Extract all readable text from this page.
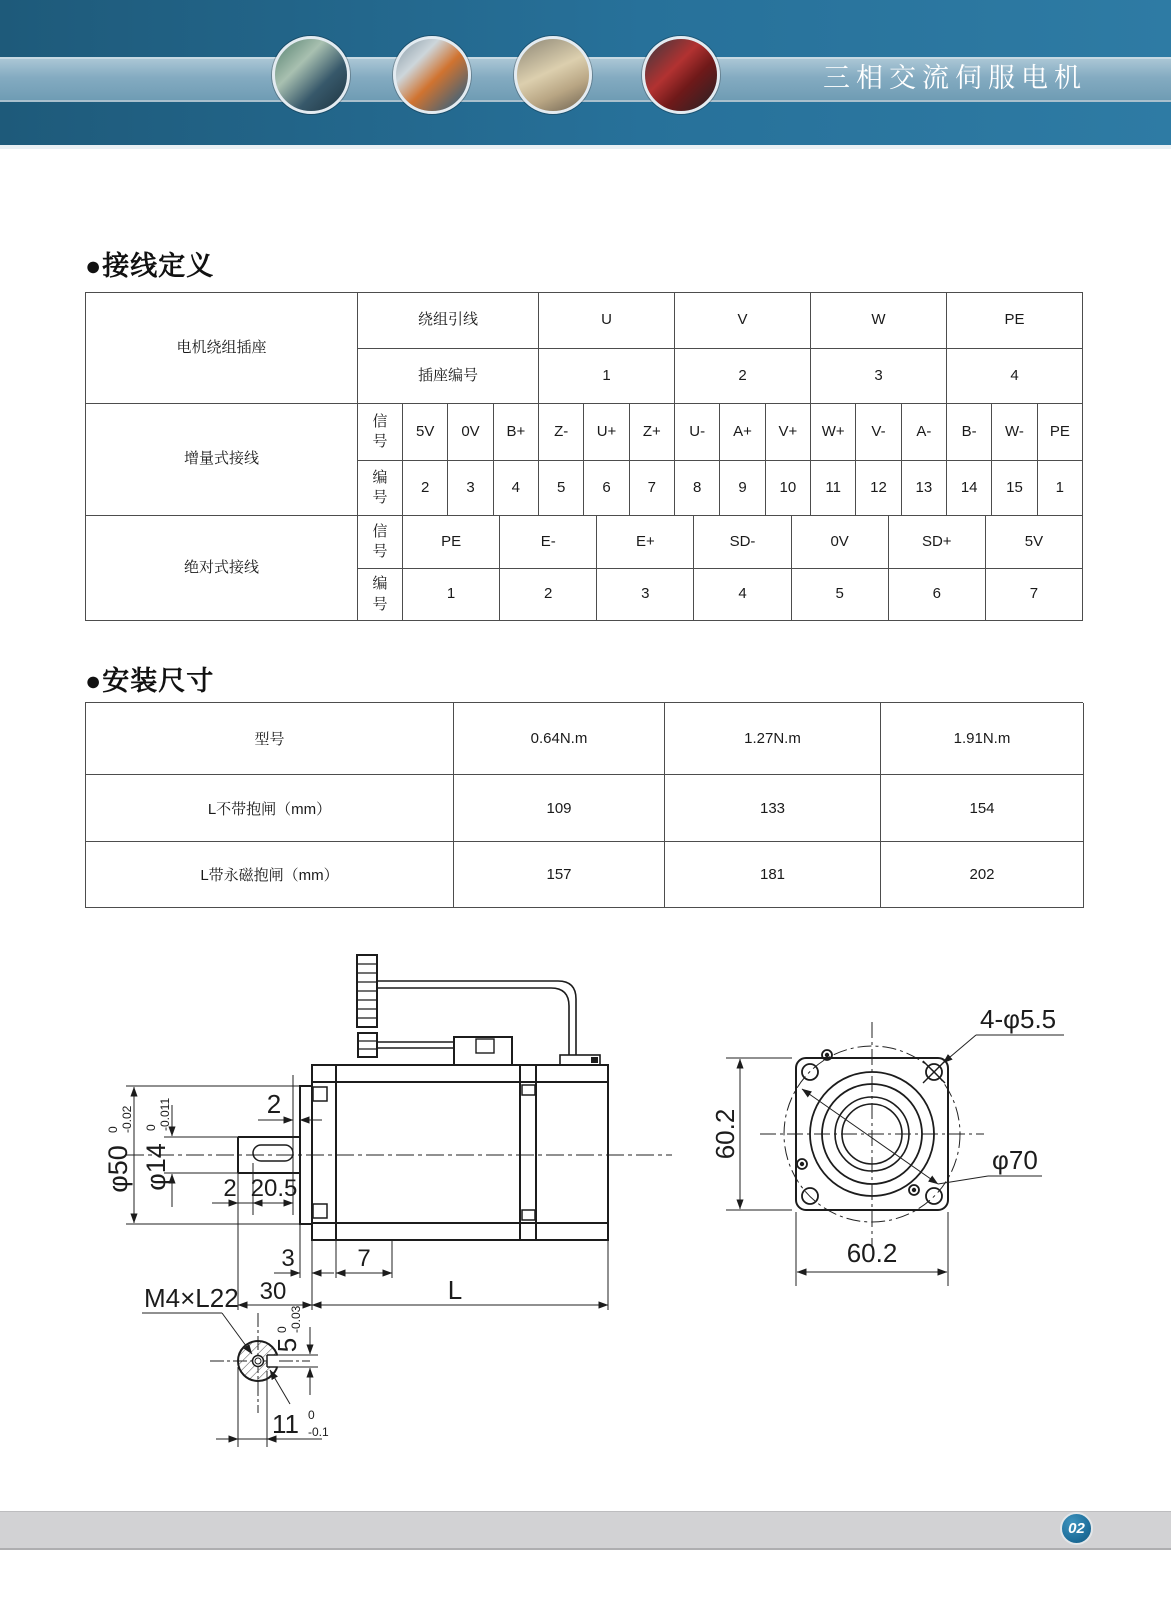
三相交流伺服电机
●接线定义
电机绕组插座
绕组引线	U	V	W	PE
插座编号	1	2	3	4
增量式接线
信号
5V	0V	B+	Z-	U+	Z+	U-	A+	V+	W+	V-	A-	B-	W-	PE
编号
2	3	4	5	6	7	8	9	10	11	12	13	14	15	1
绝对式接线
信号
PE	E-	E+	SD-	0V	SD+	5V
编号
1	2	3	4	5	6	7
●安装尺寸
型号	0.64N.m	1.27N.m	1.91N.m
L不带抱闸（mm）	109	133	154
L带永磁抱闸（mm）	157	181	202
φ50
0 -0.02
φ14
0 -0.011	2
2 20.5
3	7
30	L
M4×L22
5
0 -0.03
11 0
-0.1
4-φ5.5
φ70
60.2
60.2
02
